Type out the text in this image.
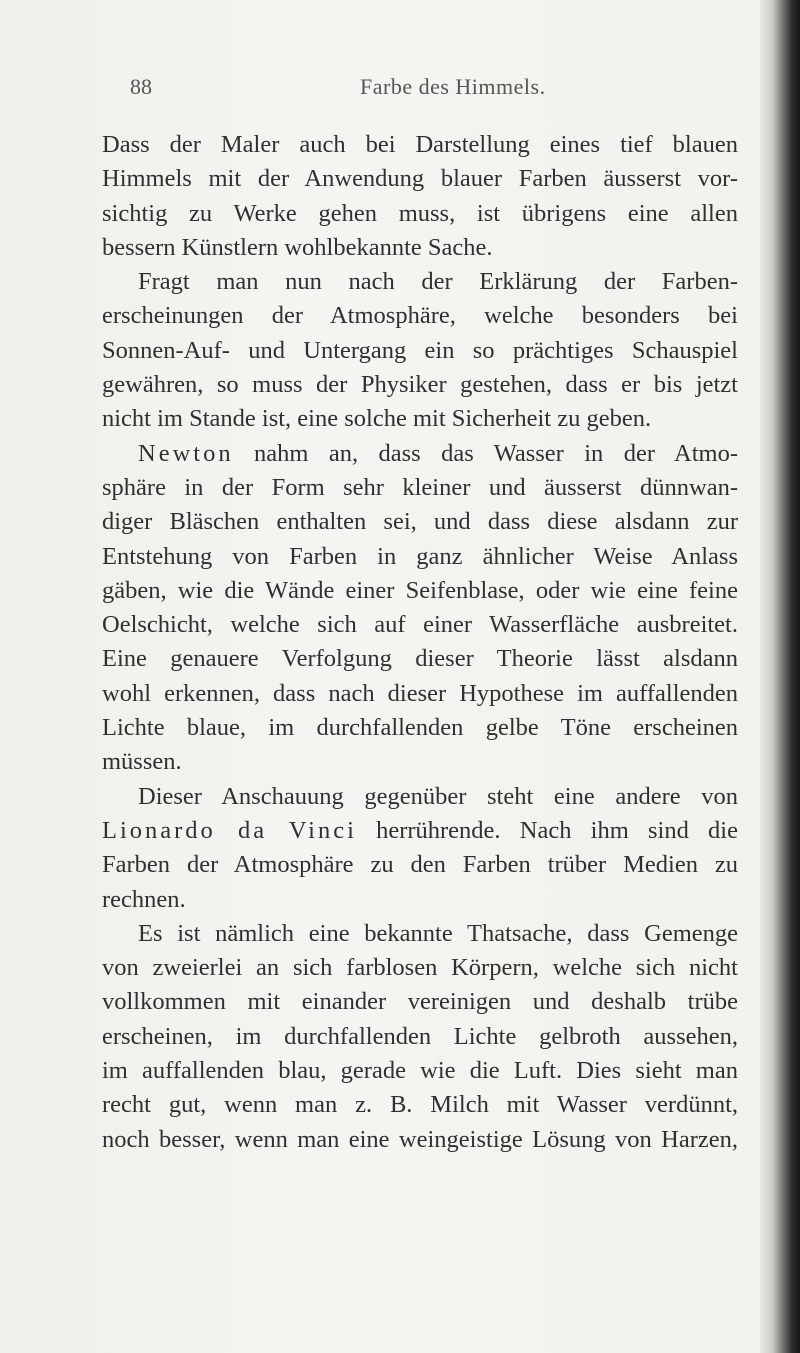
88	Farbe des Himmels.
Dass der Maler auch bei Darstellung eines tief blauen
Himmels mit der Anwendung blauer Farben äusserst vor-
sichtig zu Werke gehen muss, ist übrigens eine allen
bessern Künstlern wohlbekannte Sache.
Fragt man nun nach der Erklärung der Farben-
erscheinungen der Atmosphäre, welche besonders bei
Sonnen-Auf- und Untergang ein so prächtiges Schauspiel
gewähren, so muss der Physiker gestehen, dass er bis jetzt
nicht im Stande ist, eine solche mit Sicherheit zu geben.
Newton nahm an, dass das Wasser in der Atmo-
sphäre in der Form sehr kleiner und äusserst dünnwan-
diger Bläschen enthalten sei, und dass diese alsdann zur
Entstehung von Farben in ganz ähnlicher Weise Anlass
gäben, wie die Wände einer Seifenblase, oder wie eine feine
Oelschicht, welche sich auf einer Wasserfläche ausbreitet.
Eine genauere Verfolgung dieser Theorie lässt alsdann
wohl erkennen, dass nach dieser Hypothese im auffallenden
Lichte blaue, im durchfallenden gelbe Töne erscheinen
müssen.
Dieser Anschauung gegenüber steht eine andere von
Lionardo da Vinci herrührende. Nach ihm sind die
Farben der Atmosphäre zu den Farben trüber Medien zu
rechnen.
Es ist nämlich eine bekannte Thatsache, dass Gemenge
von zweierlei an sich farblosen Körpern, welche sich nicht
vollkommen mit einander vereinigen und deshalb trübe
erscheinen, im durchfallenden Lichte gelbroth aussehen,
im auffallenden blau, gerade wie die Luft. Dies sieht man
recht gut, wenn man z. B. Milch mit Wasser verdünnt,
noch besser, wenn man eine weingeistige Lösung von Harzen,
